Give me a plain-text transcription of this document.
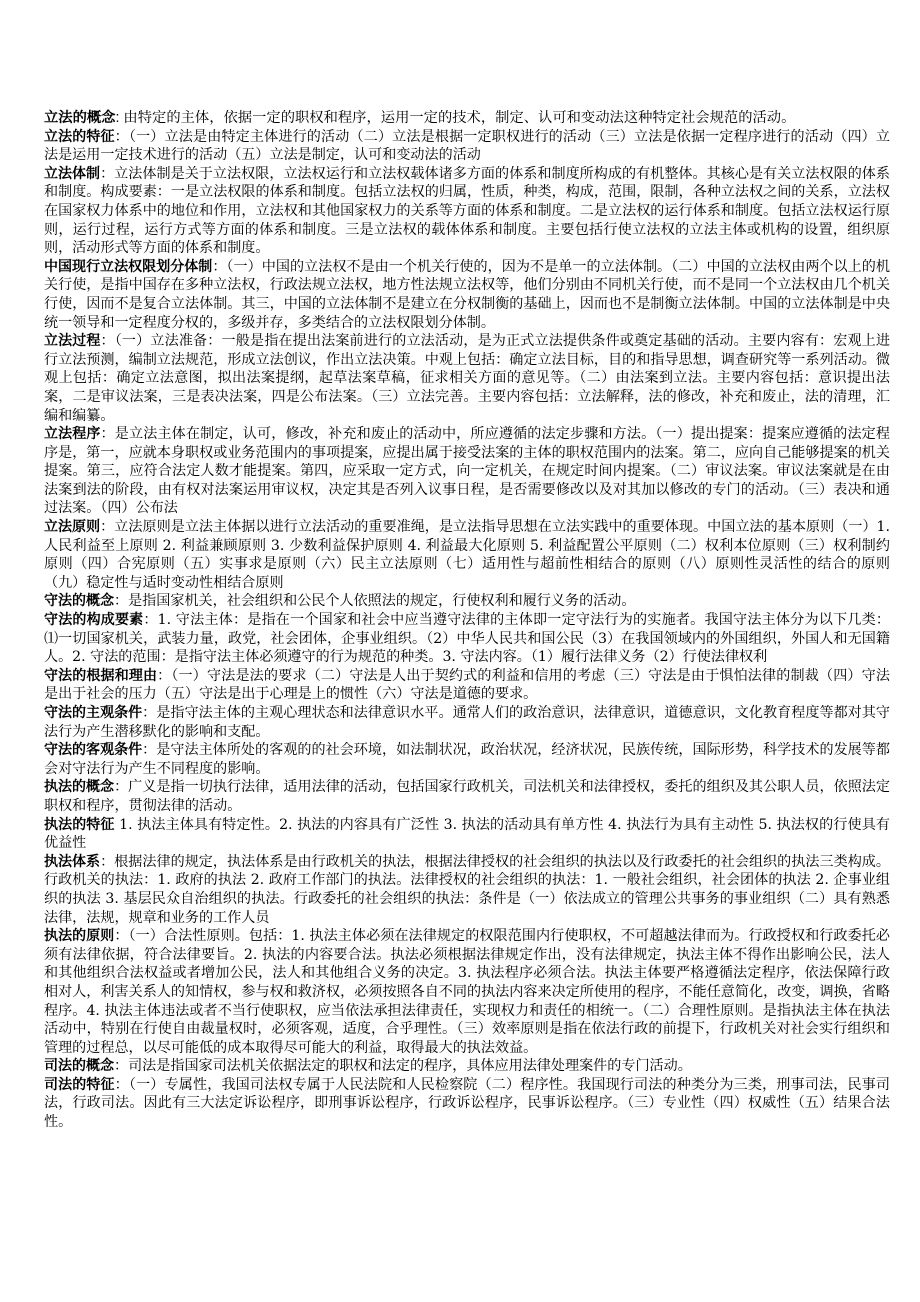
立法的概念: 由特定的主体，依据一定的职权和程序，运用一定的技术，制定、认可和变动法这种特定社会规范的活动。

立法的特征：（一）立法是由特定主体进行的活动（二）立法是根据一定职权进行的活动（三）立法是依据一定程序进行的活动（四）立法是运用一定技术进行的活动（五）立法是制定，认可和变动法的活动

立法体制：立法体制是关于立法权限，立法权运行和立法权载体诸多方面的体系和制度所构成的有机整体。其核心是有关立法权限的体系和制度。构成要素：一是立法权限的体系和制度。包括立法权的归属，性质，种类，构成，范围，限制，各种立法权之间的关系，立法权在国家权力体系中的地位和作用，立法权和其他国家权力的关系等方面的体系和制度。二是立法权的运行体系和制度。包括立法权运行原则，运行过程，运行方式等方面的体系和制度。三是立法权的载体体系和制度。主要包括行使立法权的立法主体或机构的设置，组织原则，活动形式等方面的体系和制度。

中国现行立法权限划分体制：（一）中国的立法权不是由一个机关行使的，因为不是单一的立法体制。（二）中国的立法权由两个以上的机关行使，是指中国存在多种立法权，行政法规立法权，地方性法规立法权等，他们分别由不同机关行使，而不是同一个立法权由几个机关行使，因而不是复合立法体制。其三，中国的立法体制不是建立在分权制衡的基础上，因而也不是制衡立法体制。中国的立法体制是中央统一领导和一定程度分权的，多级并存，多类结合的立法权限划分体制。

立法过程：（一）立法准备：一般是指在提出法案前进行的立法活动，是为正式立法提供条件或奠定基础的活动。主要内容有：宏观上进行立法预测，编制立法规范，形成立法创议，作出立法决策。中观上包括：确定立法目标，目的和指导思想，调查研究等一系列活动。微观上包括：确定立法意图，拟出法案提纲，起草法案草稿，征求相关方面的意见等。（二）由法案到立法。主要内容包括：意识提出法案，二是审议法案，三是表决法案，四是公布法案。（三）立法完善。主要内容包括：立法解释，法的修改，补充和废止，法的清理，汇编和编纂。

立法程序：是立法主体在制定，认可，修改，补充和废止的活动中，所应遵循的法定步骤和方法。（一）提出提案：提案应遵循的法定程序是，第一，应就本身职权或业务范围内的事项提案，应提出属于接受法案的主体的职权范围内的法案。第二，应向自己能够提案的机关提案。第三，应符合法定人数才能提案。第四，应采取一定方式，向一定机关，在规定时间内提案。（二）审议法案。审议法案就是在由法案到法的阶段，由有权对法案运用审议权，决定其是否列入议事日程，是否需要修改以及对其加以修改的专门的活动。（三）表决和通过法案。（四）公布法

立法原则：立法原则是立法主体据以进行立法活动的重要准绳，是立法指导思想在立法实践中的重要体现。中国立法的基本原则（一）1. 人民利益至上原则 2. 利益兼顾原则 3. 少数利益保护原则 4. 利益最大化原则 5. 利益配置公平原则（二）权利本位原则（三）权利制约原则（四）合宪原则（五）实事求是原则（六）民主立法原则（七）适用性与超前性相结合的原则（八）原则性灵活性的结合的原则（九）稳定性与适时变动性相结合原则

守法的概念：是指国家机关，社会组织和公民个人依照法的规定，行使权利和履行义务的活动。

守法的构成要素：1. 守法主体：是指在一个国家和社会中应当遵守法律的主体即一定守法行为的实施者。我国守法主体分为以下几类：⑴一切国家机关，武装力量，政党，社会团体，企事业组织。（2）中华人民共和国公民（3）在我国领域内的外国组织，外国人和无国籍人。2. 守法的范围：是指守法主体必须遵守的行为规范的种类。3. 守法内容。（1）履行法律义务（2）行使法律权利

守法的根据和理由：（一）守法是法的要求（二）守法是人出于契约式的利益和信用的考虑（三）守法是由于惧怕法律的制裁（四）守法是出于社会的压力（五）守法是出于心理是上的惯性（六）守法是道德的要求。

守法的主观条件：是指守法主体的主观心理状态和法律意识水平。通常人们的政治意识，法律意识，道德意识，文化教育程度等都对其守法行为产生潜移默化的影响和支配。

守法的客观条件：是守法主体所处的客观的的社会环境，如法制状况，政治状况，经济状况，民族传统，国际形势，科学技术的发展等都会对守法行为产生不同程度的影响。

执法的概念：广义是指一切执行法律，适用法律的活动，包括国家行政机关，司法机关和法律授权，委托的组织及其公职人员，依照法定职权和程序，贯彻法律的活动。

执法的特征 1. 执法主体具有特定性。2. 执法的内容具有广泛性 3. 执法的活动具有单方性 4. 执法行为具有主动性 5. 执法权的行使具有优益性

执法体系：根据法律的规定，执法体系是由行政机关的执法，根据法律授权的社会组织的执法以及行政委托的社会组织的执法三类构成。行政机关的执法：1. 政府的执法 2. 政府工作部门的执法。法律授权的社会组织的执法：1. 一般社会组织，社会团体的执法 2. 企事业组织的执法 3. 基层民众自治组织的执法。行政委托的社会组织的执法：条件是（一）依法成立的管理公共事务的事业组织（二）具有熟悉法律，法规，规章和业务的工作人员

执法的原则：（一）合法性原则。包括：1. 执法主体必须在法律规定的权限范围内行使职权，不可超越法律而为。行政授权和行政委托必须有法律依据，符合法律要旨。2. 执法的内容要合法。执法必须根据法律规定作出，没有法律规定，执法主体不得作出影响公民，法人和其他组织合法权益或者增加公民，法人和其他组合义务的决定。3. 执法程序必须合法。执法主体要严格遵循法定程序，依法保障行政相对人，利害关系人的知情权，参与权和救济权，必须按照各自不同的执法内容来决定所使用的程序，不能任意简化，改变，调换，省略程序。4. 执法主体违法或者不当行使职权，应当依法承担法律责任，实现权力和责任的相统一。（二）合理性原则。是指执法主体在执法活动中，特别在行使自由裁量权时，必须客观，适度，合乎理性。（三）效率原则是指在依法行政的前提下，行政机关对社会实行组织和管理的过程总，以尽可能低的成本取得尽可能大的利益，取得最大的执法效益。

司法的概念：司法是指国家司法机关依据法定的职权和法定的程序，具体应用法律处理案件的专门活动。

司法的特征：（一）专属性，我国司法权专属于人民法院和人民检察院（二）程序性。我国现行司法的种类分为三类，刑事司法，民事司法，行政司法。因此有三大法定诉讼程序，即刑事诉讼程序，行政诉讼程序，民事诉讼程序。（三）专业性（四）权威性（五）结果合法性。
